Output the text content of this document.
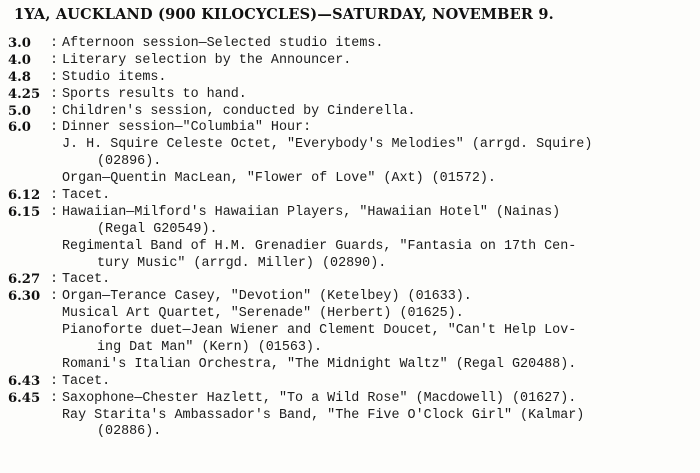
1YA, AUCKLAND (900 KILOCYCLES)—SATURDAY, NOVEMBER 9.
3.0 : Afternoon session—Selected studio items.
4.0 : Literary selection by the Announcer.
4.8 : Studio items.
4.25 : Sports results to hand.
5.0 : Children's session, conducted by Cinderella.
6.0 : Dinner session—"Columbia" Hour:
J. H. Squire Celeste Octet, "Everybody's Melodies" (arrgd. Squire)
(02896).
Organ—Quentin MacLean, "Flower of Love" (Axt) (01572).
6.12 : Tacet.
6.15 : Hawaiian—Milford's Hawaiian Players, "Hawaiian Hotel" (Nainas)
(Regal G20549).
Regimental Band of H.M. Grenadier Guards, "Fantasia on 17th Cen-
tury Music" (arrgd. Miller) (02890).
6.27 : Tacet.
6.30 : Organ—Terance Casey, "Devotion" (Ketelbey) (01633).
Musical Art Quartet, "Serenade" (Herbert) (01625).
Pianoforte duet—Jean Wiener and Clement Doucet, "Can't Help Lov-
ing Dat Man" (Kern) (01563).
Romani's Italian Orchestra, "The Midnight Waltz" (Regal G20488).
6.43 : Tacet.
6.45 : Saxophone—Chester Hazlett, "To a Wild Rose" (Macdowell) (01627).
Ray Starita's Ambassador's Band, "The Five O'Clock Girl" (Kalmar)
(02886).
